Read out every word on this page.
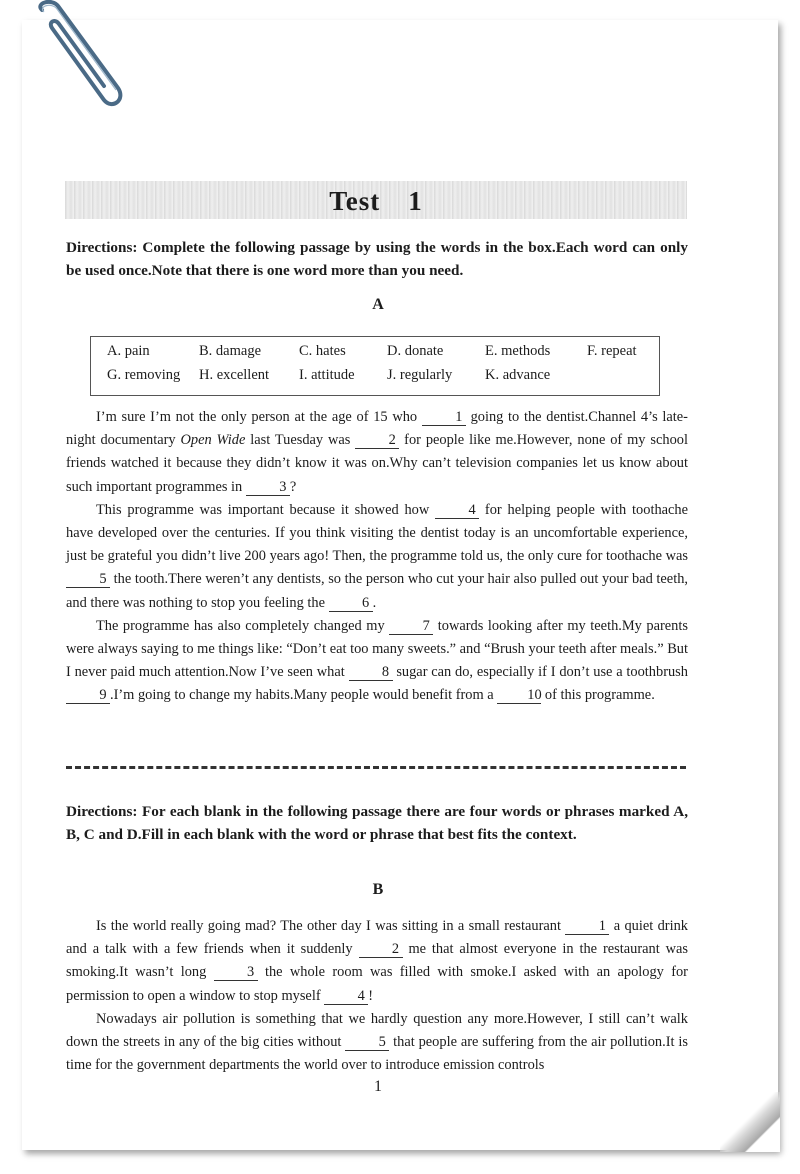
Test　1
Directions: Complete the following passage by using the words in the box.Each word can only be used once.Note that there is one word more than you need.
A
A. pain	B. damage	C. hates	D. donate	E. methods	F. repeat
G. removing H. excellent I. attitude J. regularly K. advance

I’m sure I’m not the only person at the age of 15 who	1 going to the dentist.Channel 4’s late-night documentary Open Wide last Tuesday was	2 for people like me.However, none of my school friends watched it because they didn’t know it was on.Why can’t television companies let us know about such important programmes in	3 ?

This programme was important because it showed how	4 for helping people with toothache have developed over the centuries. If you think visiting the dentist today is an uncomfortable experience, just be grateful you didn’t live 200 years ago! Then, the programme told us, the only cure for toothache was 5 the tooth.There weren’t any dentists, so the person who cut your hair also pulled out your bad teeth, and there was nothing to stop you feeling the	6 .

The programme has also completely changed my	7 towards looking after my teeth.My parents were always saying to me things like: “Don’t eat too many sweets.” and “Brush your teeth after meals.” But I never paid much attention.Now I’ve seen what	8 sugar can do, especially if I don’t use a toothbrush 9 .I’m going to change my habits.Many people would benefit from a 10 of this programme.

Directions: For each blank in the following passage there are four words or phrases marked A, B, C and D.Fill in each blank with the word or phrase that best fits the context.
B

Is the world really going mad? The other day I was sitting in a small restaurant	1 a quiet drink and a talk with a few friends when it suddenly	2 me that almost everyone in the restaurant was smoking.It wasn’t long	3 the whole room was filled with smoke.I asked with an apology for permission to open a window to stop myself	4 !

Nowadays air pollution is something that we hardly question any more.However, I still can’t walk down the streets in any of the big cities without	5 that people are suffering from the air pollution.It is time for the government departments the world over to introduce emission controls

1
